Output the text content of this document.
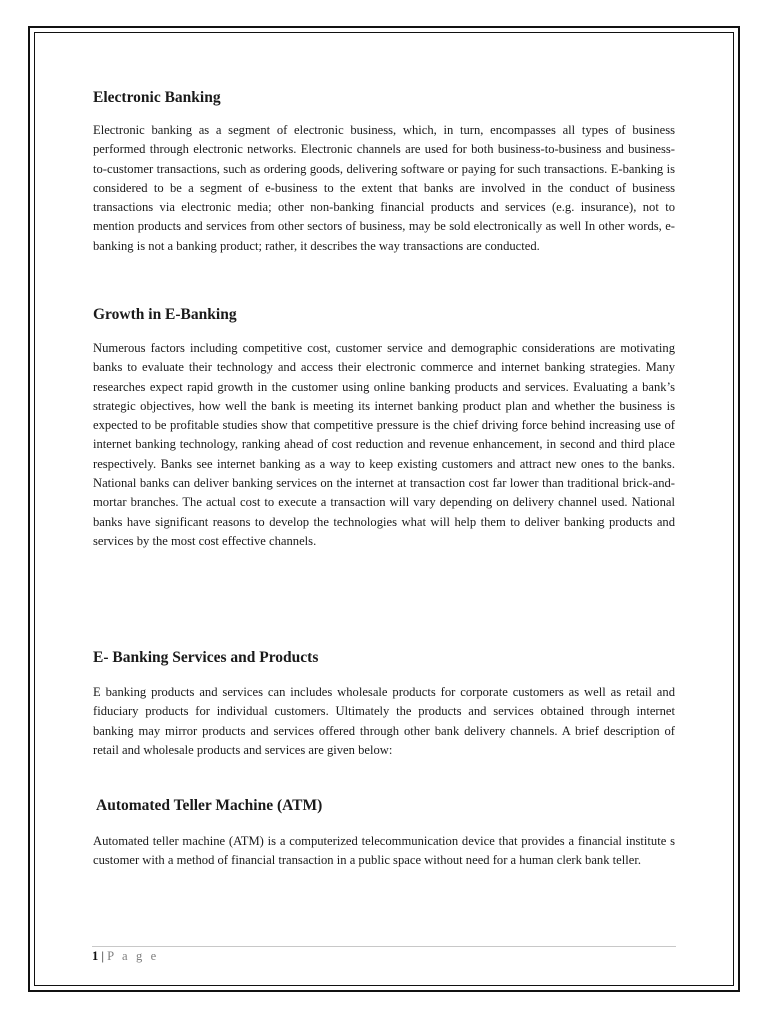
Electronic Banking

Electronic banking as a segment of electronic business, which, in turn, encompasses all types of business performed through electronic networks. Electronic channels are used for both business-to-business and business-to-customer transactions, such as ordering goods, delivering software or paying for such transactions. E-banking is considered to be a segment of e-business to the extent that banks are involved in the conduct of business transactions via electronic media; other non-banking financial products and services (e.g. insurance), not to mention products and services from other sectors of business, may be sold electronically as well In other words, e-banking is not a banking product; rather, it describes the way transactions are conducted.

Growth in E-Banking

Numerous factors including competitive cost, customer service and demographic considerations are motivating banks to evaluate their technology and access their electronic commerce and internet banking strategies. Many researches expect rapid growth in the customer using online banking products and services. Evaluating a bank’s strategic objectives, how well the bank is meeting its internet banking product plan and whether the business is expected to be profitable studies show that competitive pressure is the chief driving force behind increasing use of internet banking technology, ranking ahead of cost reduction and revenue enhancement, in second and third place respectively. Banks see internet banking as a way to keep existing customers and attract new ones to the banks. National banks can deliver banking services on the internet at transaction cost far lower than traditional brick-and-mortar branches. The actual cost to execute a transaction will vary depending on delivery channel used. National banks have significant reasons to develop the technologies what will help them to deliver banking products and services by the most cost effective channels.

E- Banking Services and Products

E banking products and services can includes wholesale products for corporate customers as well as retail and fiduciary products for individual customers. Ultimately the products and services obtained through internet banking may mirror products and services offered through other bank delivery channels. A brief description of retail and wholesale products and services are given below:

Automated Teller Machine (ATM)

Automated teller machine (ATM) is a computerized telecommunication device that provides a financial institute s customer with a method of financial transaction in a public space without need for a human clerk bank teller.

1 | P a g e
